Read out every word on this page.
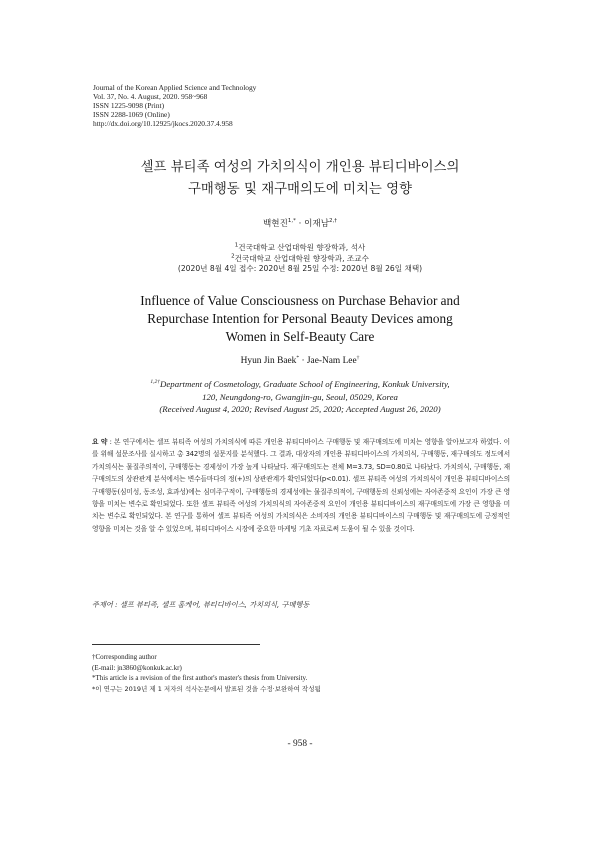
Journal of the Korean Applied Science and Technology
Vol. 37, No. 4. August, 2020. 958~968
ISSN 1225-9098 (Print)
ISSN 2288-1069 (Online)
http://dx.doi.org/10.12925/jkocs.2020.37.4.958
셀프 뷰티족 여성의 가치의식이 개인용 뷰티디바이스의
구매행동 및 재구매의도에 미치는 영향
백현진$^{1,*}$ · 이재남$^{2,\dagger}$
$^1$건국대학교 산업대학원 향장학과, 석사
$^2$건국대학교 산업대학원 향장학과, 조교수
(2020년 8월 4일 접수: 2020년 8월 25일 수정: 2020년 8월 26일 채택)
Influence of Value Consciousness on Purchase Behavior and
Repurchase Intention for Personal Beauty Devices among
Women in Self-Beauty Care
Hyun Jin Baek* · Jae-Nam Lee†
$^{1,2\dagger}$Department of Cosmetology, Graduate School of Engineering, Konkuk University,
120, Neungdong-ro, Gwangjin-gu, Seoul, 05029, Korea
(Received August 4, 2020; Revised August 25, 2020; Accepted August 26, 2020)
요 약 : 본 연구에서는 셀프 뷰티족 여성의 가치의식에 따른 개인용 뷰티디바이스 구매행동 및 재구매의도에 미치는 영향을 알아보고자 하였다. 이를 위해 설문조사를 실시하고 총 342명의 설문지를 분석했다. 그 결과, 대상자의 개인용 뷰티디바이스의 가치의식, 구매행동, 재구매의도 정도에서 가치의식는 물질주의적이, 구매행동는 경제성이 가장 높게 나타났다. 재구매의도는 전체 M=3.73, SD=0.80로 나타났다. 가치의식, 구매행동, 재구매의도의 상관관계 분석에서는 변수들마다의 정(+)의 상관관계가 확인되었다(p<0.01). 셀프 뷰티족 여성의 가치의식이 개인용 뷰티디바이스의 구매행동(심미성, 동조성, 효과성)에는 심미주구적이, 구매행동의 경제성에는 물질주의적이, 구매행동의 신뢰성에는 자아존중적 요인이 가장 큰 영향을 미치는 변수로 확인되었다. 또한 셀프 뷰티족 여성의 가치의식의 자아존중적 요인이 개인용 뷰티디바이스의 재구매의도에 가장 큰 영향을 미치는 변수로 확인되었다. 본 연구를 통하여 셀프 뷰티족 여성의 가치의식은 소비자의 개인용 뷰티디바이스의 구매행동 및 재구매의도에 긍정적인 영향을 미치는 것을 알 수 있었으며, 뷰티디바이스 시장에 중요한 마케팅 기초 자료로써 도움이 될 수 있을 것이다.
주제어 : 셀프 뷰티족, 셀프 홈케어, 뷰티디바이스, 가치의식, 구매행동
†Corresponding author
(E-mail: jn3860@konkuk.ac.kr)
*This article is a revision of the first author's master's thesis from University.
*이 연구는 2019년 제 1 저자의 석사논문에서 발표된 것을 수정·보완하여 작성됨
- 958 -
